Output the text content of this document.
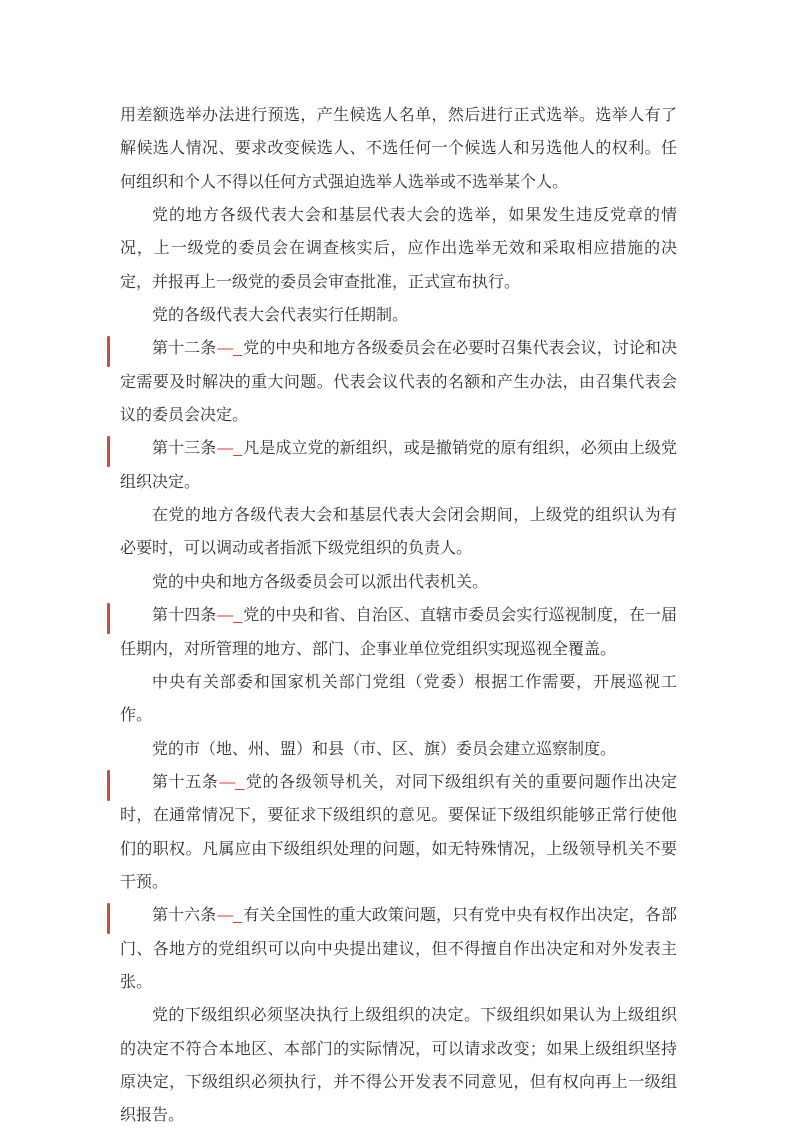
用差额选举办法进行预选，产生候选人名单，然后进行正式选举。选举人有了解候选人情况、要求改变候选人、不选任何一个候选人和另选他人的权利。任何组织和个人不得以任何方式强迫选举人选举或不选举某个人。

党的地方各级代表大会和基层代表大会的选举，如果发生违反党章的情况，上一级党的委员会在调查核实后，应作出选举无效和采取相应措施的决定，并报再上一级党的委员会审查批准，正式宣布执行。

党的各级代表大会代表实行任期制。

第十二条—_党的中央和地方各级委员会在必要时召集代表会议，讨论和决定需要及时解决的重大问题。代表会议代表的名额和产生办法，由召集代表会议的委员会决定。

第十三条—_凡是成立党的新组织，或是撤销党的原有组织，必须由上级党组织决定。

在党的地方各级代表大会和基层代表大会闭会期间，上级党的组织认为有必要时，可以调动或者指派下级党组织的负责人。

党的中央和地方各级委员会可以派出代表机关。

第十四条—_党的中央和省、自治区、直辖市委员会实行巡视制度，在一届任期内，对所管理的地方、部门、企事业单位党组织实现巡视全覆盖。

中央有关部委和国家机关部门党组（党委）根据工作需要，开展巡视工作。

党的市（地、州、盟）和县（市、区、旗）委员会建立巡察制度。

第十五条—_党的各级领导机关，对同下级组织有关的重要问题作出决定时，在通常情况下，要征求下级组织的意见。要保证下级组织能够正常行使他们的职权。凡属应由下级组织处理的问题，如无特殊情况，上级领导机关不要干预。

第十六条—_有关全国性的重大政策问题，只有党中央有权作出决定，各部门、各地方的党组织可以向中央提出建议，但不得擅自作出决定和对外发表主张。

党的下级组织必须坚决执行上级组织的决定。下级组织如果认为上级组织的决定不符合本地区、本部门的实际情况，可以请求改变；如果上级组织坚持原决定，下级组织必须执行，并不得公开发表不同意见，但有权向再上一级组织报告。
